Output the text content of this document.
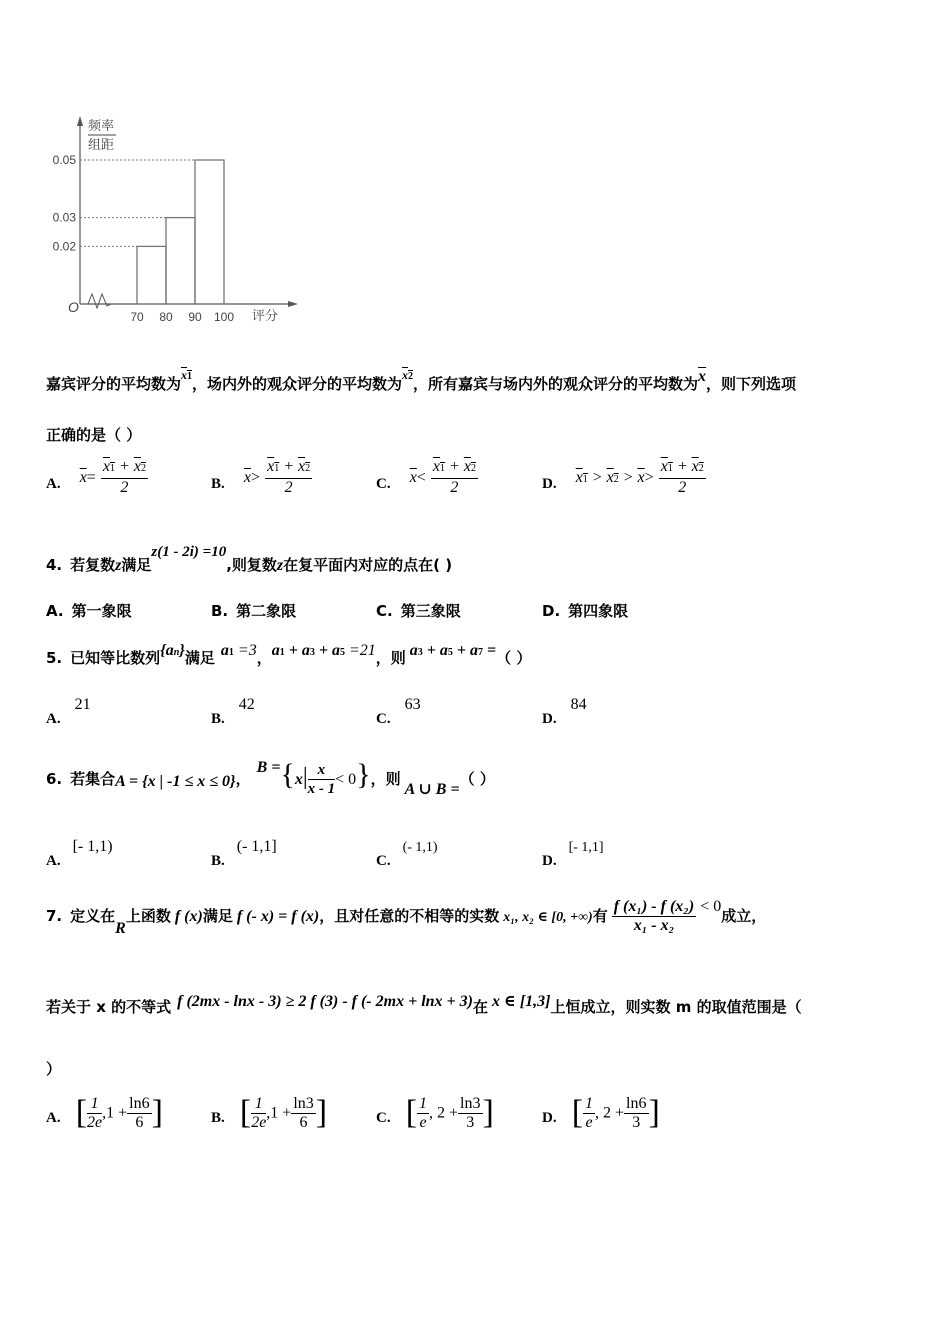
0.05
0.03
0.02
70 80 90 100
O
评分
频率
组距
嘉宾评分的平均数为$^{x1}$，场内外的观众评分的平均数为$^{x2}$，所有嘉宾与场内外的观众评分的平均数为$\overline{x}$，则下列选项
正确的是（ ）
A. $\overline{x}= \frac{x1 + x2}{2}$	B. $\overline{x}> \frac{x1 + x2}{2}$	C. $\overline{x}< \frac{x1 + x2}{2}$	D. $x1 > x2 > \overline{x}> \frac{x1 + x2}{2}$
4. 若复数z满足z(1 - 2i) =10,则复数z在复平面内对应的点在( )
A. 第一象限	B. 第二象限	C. 第三象限	D. 第四象限
5. 已知等比数列{an}满足 a1 =3，a1 + a3 + a5 =21，则 a3 + a5 + a7 =（ ）
A.21
B.42
C.63
D.84
6. 若集合A = {x | -1 ≤ x ≤ 0}，$B =\{x| \frac{x}{x - 1} < 0\}$，则A ∪ B =（ ）
A.[- 1,1)
B.(- 1,1]
C.(- 1,1)
D.[- 1,1]
7. 定义在R上函数 f (x)满足 f (- x) = f (x)，且对任意的不相等的实数 x₁, x₂ ∈ [0, +∞)有 $\frac{\text{f (x₁) - f (x₂)}}{\text{x₁ - x₂}} < 0$成立，
若关于 x 的不等式 f (2mx - lnx - 3) ≥ 2 f (3) - f (- 2mx + lnx + 3)在 x ∈ [1,3]上恒成立，则实数 m 的取值范围是（
）
A. [ $\frac{1}{2e} ,1 + \frac{\ln 6}{6}$ ]	B. [ $\frac{1}{2e} ,1 + \frac{\ln 3}{6}$ ]	C. [ $\frac{1}{e}$ , $2 + \frac{\ln 3}{3}$ ]	D. [ $\frac{1}{e}$ , $2 + \frac{\ln 6}{3}$ ]
